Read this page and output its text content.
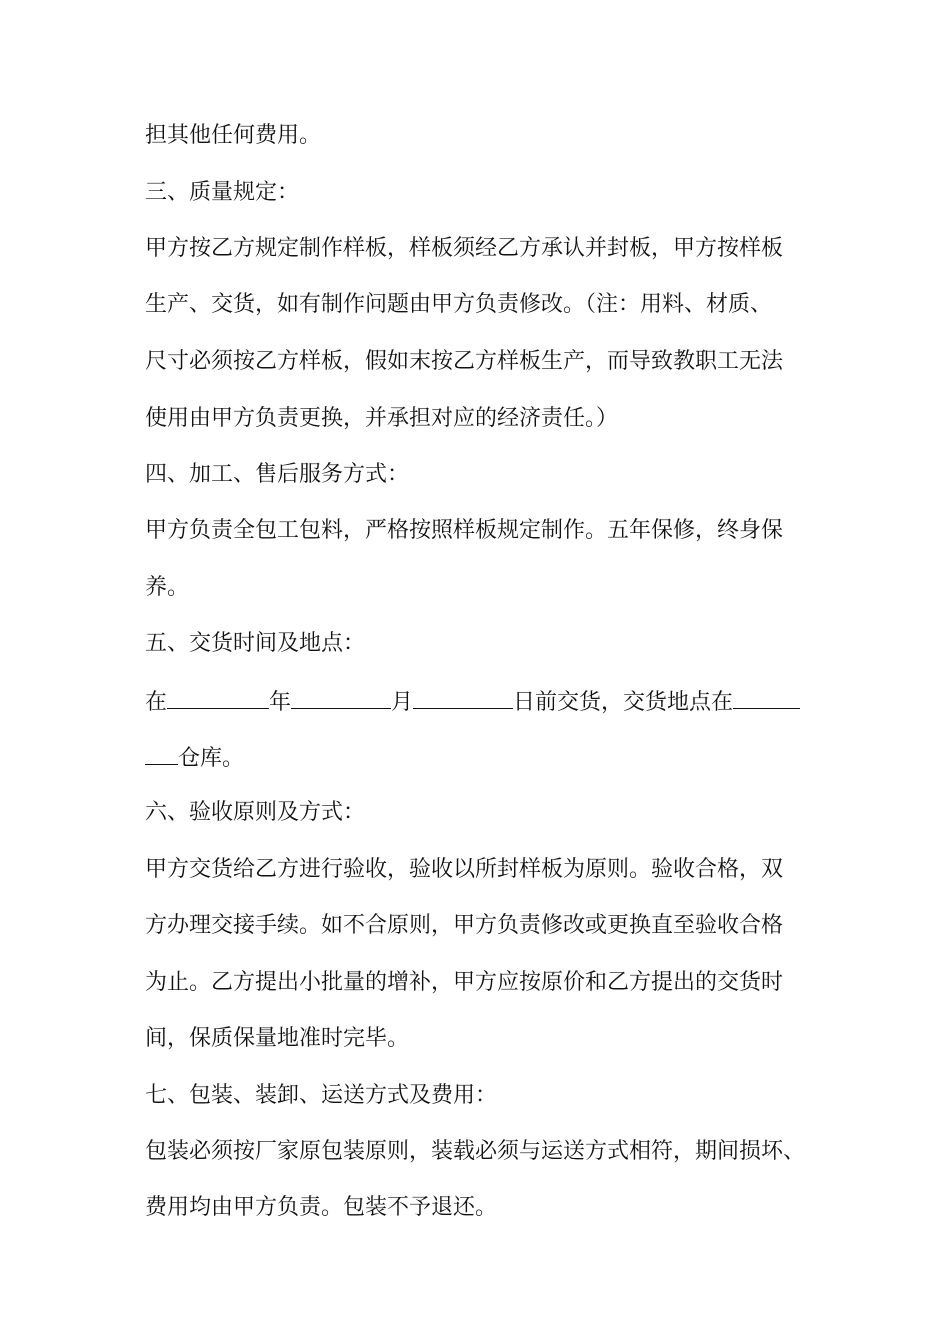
担其他任何费用。
三、质量规定：
甲方按乙方规定制作样板，样板须经乙方承认并封板，甲方按样板
生产、交货，如有制作问题由甲方负责修改。（注：用料、材质、
尺寸必须按乙方样板，假如末按乙方样板生产，而导致教职工无法
使用由甲方负责更换，并承担对应的经济责任。）
四、加工、售后服务方式：
甲方负责全包工包料，严格按照样板规定制作。五年保修，终身保
养。
五、交货时间及地点：
在	年	月	日前交货，交货地点在
仓库。
六、验收原则及方式：
甲方交货给乙方进行验收，验收以所封样板为原则。验收合格，双
方办理交接手续。如不合原则，甲方负责修改或更换直至验收合格
为止。乙方提出小批量的增补，甲方应按原价和乙方提出的交货时
间，保质保量地准时完毕。
七、包装、装卸、运送方式及费用：
包装必须按厂家原包装原则，装载必须与运送方式相符，期间损坏、
费用均由甲方负责。包装不予退还。
